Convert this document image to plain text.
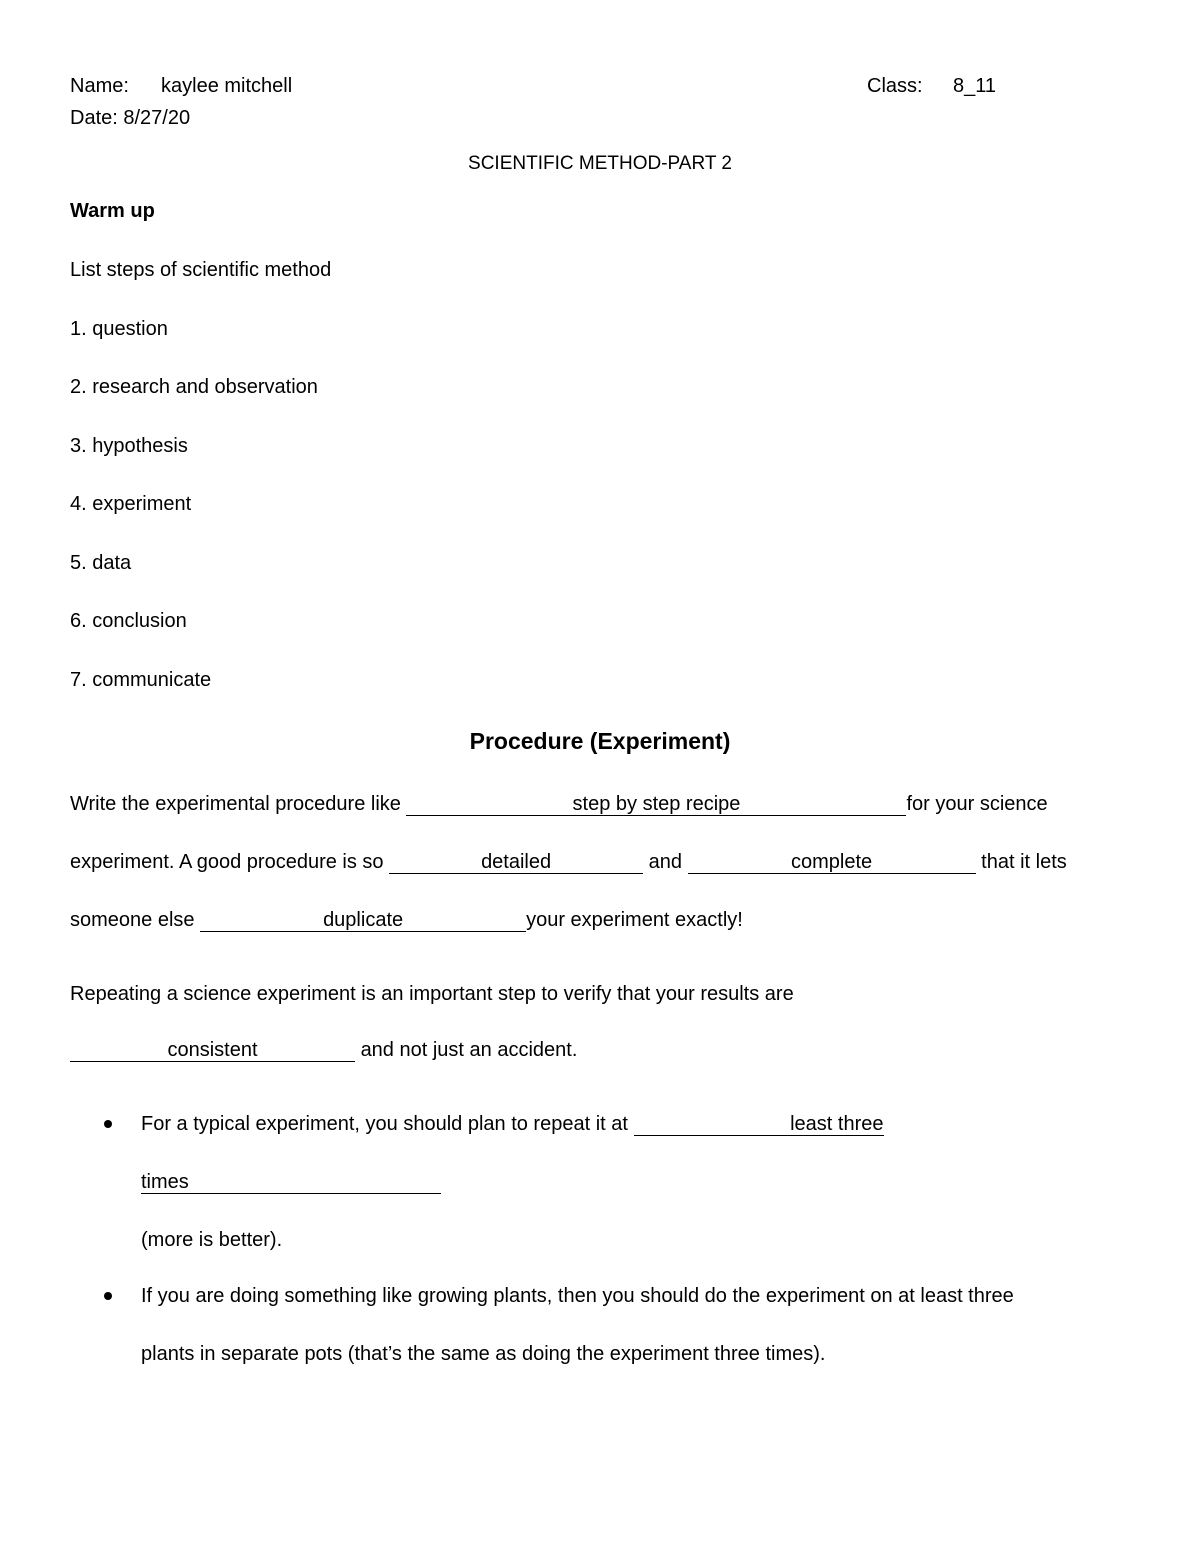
Name: kaylee mitchell	Class: 8_11
Date: 8/27/20
SCIENTIFIC METHOD-PART 2
Warm up
List steps of scientific method
1. question
2. research and observation
3. hypothesis
4. experiment
5. data
6. conclusion
7. communicate
Procedure (Experiment)
Write the experimental procedure like	step by step recipe	for your science
experiment. A good procedure is so	detailed	and	complete	that it lets
someone else	duplicate	your experiment exactly!
Repeating a science experiment is an important step to verify that your results are
consistent	and not just an accident.
For a typical experiment, you should plan to repeat it at	least three
times
(more is better).
If you are doing something like growing plants, then you should do the experiment on at least three
plants in separate pots (that’s the same as doing the experiment three times).
